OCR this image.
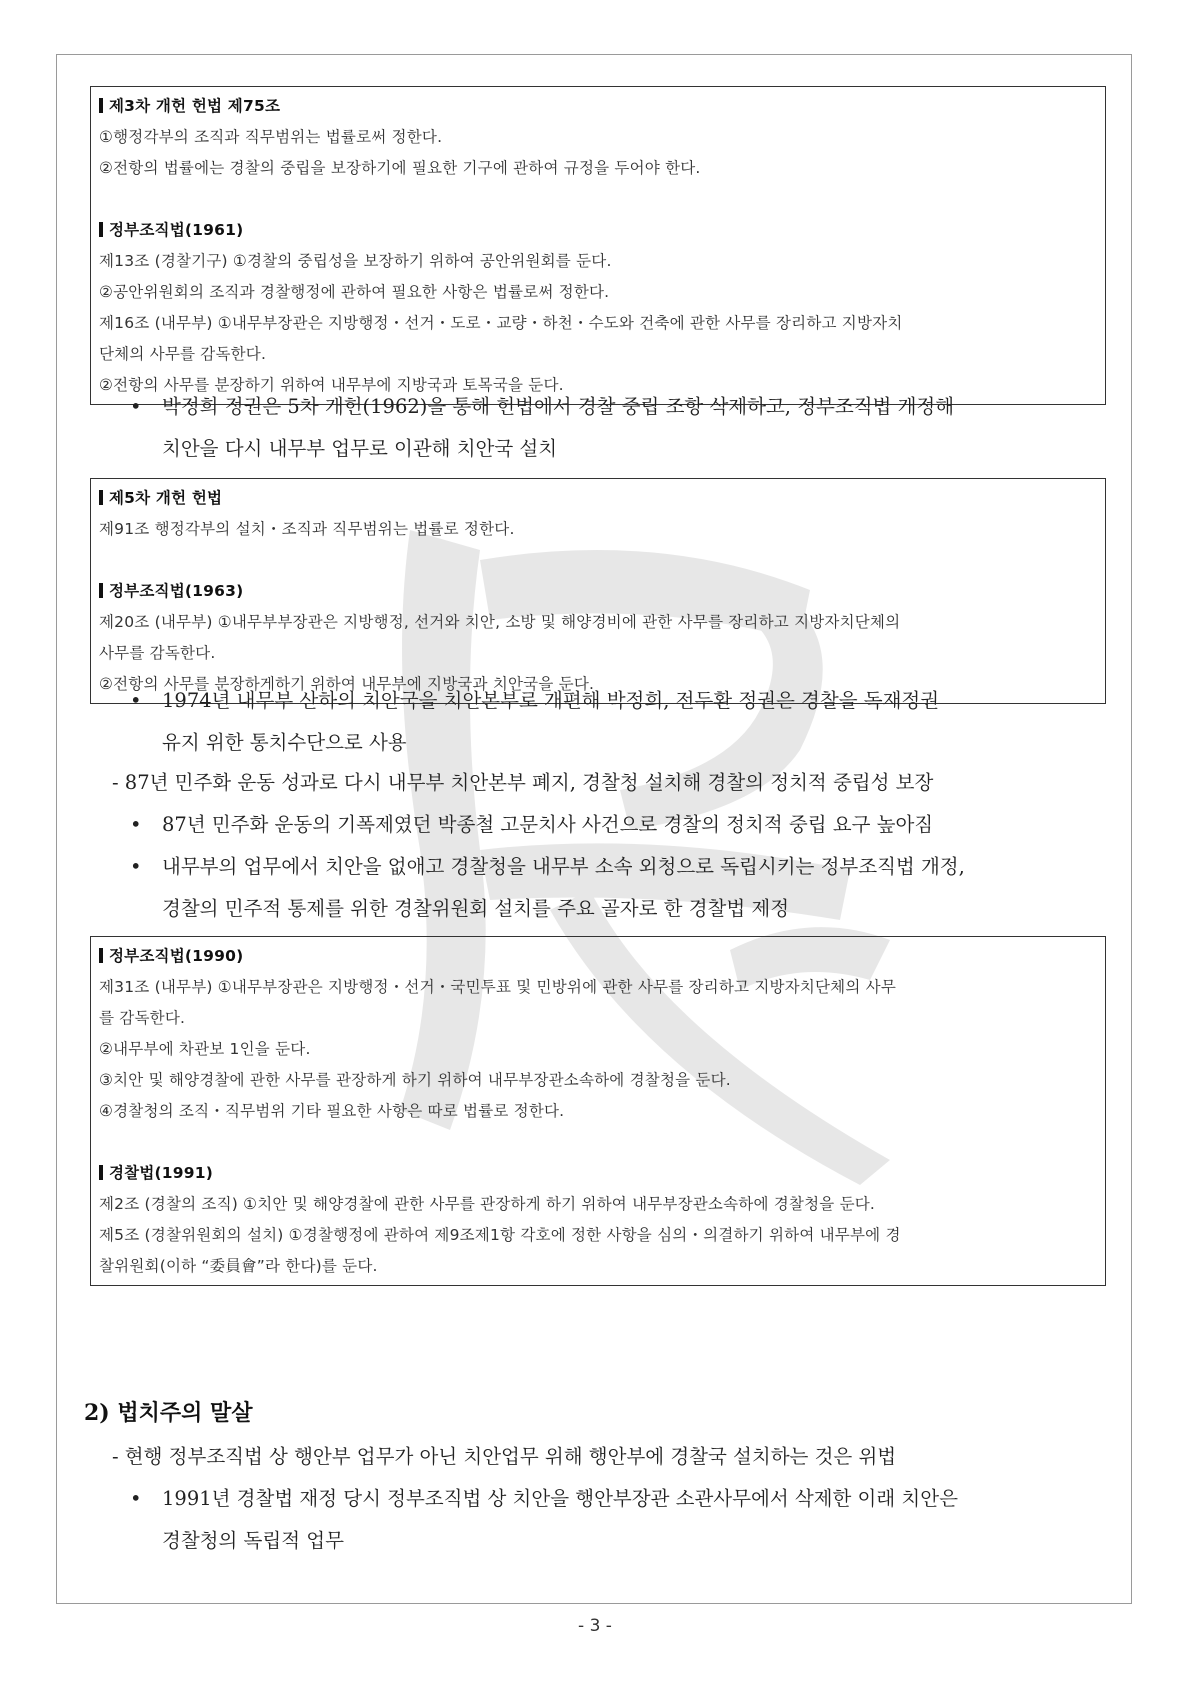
제3차 개헌 헌법 제75조
①행정각부의 조직과 직무범위는 법률로써 정한다.
②전항의 법률에는 경찰의 중립을 보장하기에 필요한 기구에 관하여 규정을 두어야 한다.
정부조직법(1961)
제13조 (경찰기구) ①경찰의 중립성을 보장하기 위하여 공안위원회를 둔다.
②공안위원회의 조직과 경찰행정에 관하여 필요한 사항은 법률로써 정한다.
제16조 (내무부) ①내무부장관은 지방행정・선거・도로・교량・하천・수도와 건축에 관한 사무를 장리하고 지방자치
단체의 사무를 감독한다.
②전항의 사무를 분장하기 위하여 내무부에 지방국과 토목국을 둔다.
• 박정희 정권은 5차 개헌(1962)을 통해 헌법에서 경찰 중립 조항 삭제하고, 정부조직법 개정해
치안을 다시 내무부 업무로 이관해 치안국 설치
제5차 개헌 헌법
제91조 행정각부의 설치・조직과 직무범위는 법률로 정한다.
정부조직법(1963)
제20조 (내무부) ①내무부부장관은 지방행정, 선거와 치안, 소방 및 해양경비에 관한 사무를 장리하고 지방자치단체의
사무를 감독한다.
②전항의 사무를 분장하게하기 위하여 내무부에 지방국과 치안국을 둔다.
• 1974년 내무부 산하의 치안국을 치안본부로 개편해 박정희, 전두환 정권은 경찰을 독재정권
유지 위한 통치수단으로 사용
- 87년 민주화 운동 성과로 다시 내무부 치안본부 폐지, 경찰청 설치해 경찰의 정치적 중립성 보장
• 87년 민주화 운동의 기폭제였던 박종철 고문치사 사건으로 경찰의 정치적 중립 요구 높아짐
• 내무부의 업무에서 치안을 없애고 경찰청을 내무부 소속 외청으로 독립시키는 정부조직법 개정,
경찰의 민주적 통제를 위한 경찰위원회 설치를 주요 골자로 한 경찰법 제정
정부조직법(1990)
제31조 (내무부) ①내무부장관은 지방행정・선거・국민투표 및 민방위에 관한 사무를 장리하고 지방자치단체의 사무
를 감독한다.
②내무부에 차관보 1인을 둔다.
③치안 및 해양경찰에 관한 사무를 관장하게 하기 위하여 내무부장관소속하에 경찰청을 둔다.
④경찰청의 조직・직무범위 기타 필요한 사항은 따로 법률로 정한다.
경찰법(1991)
제2조 (경찰의 조직) ①치안 및 해양경찰에 관한 사무를 관장하게 하기 위하여 내무부장관소속하에 경찰청을 둔다.
제5조 (경찰위원회의 설치) ①경찰행정에 관하여 제9조제1항 각호에 정한 사항을 심의・의결하기 위하여 내무부에 경
찰위원회(이하 “委員會”라 한다)를 둔다.
2) 법치주의 말살
- 현행 정부조직법 상 행안부 업무가 아닌 치안업무 위해 행안부에 경찰국 설치하는 것은 위법
• 1991년 경찰법 재정 당시 정부조직법 상 치안을 행안부장관 소관사무에서 삭제한 이래 치안은
경찰청의 독립적 업무
- 3 -
